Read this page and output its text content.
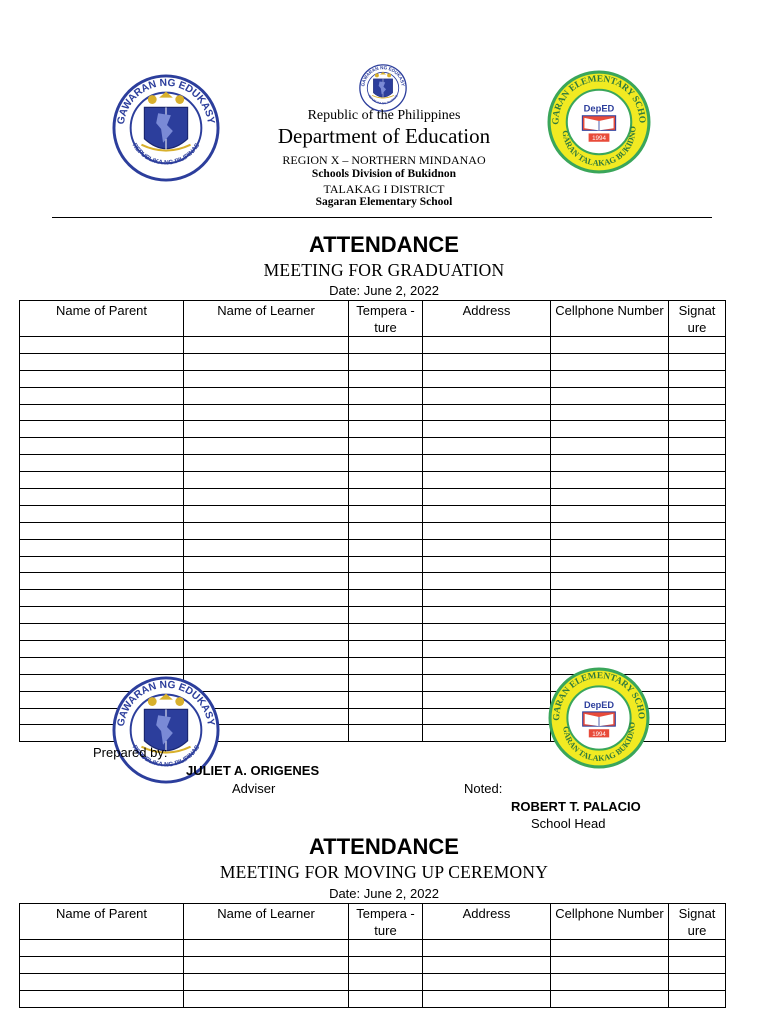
Republic of the Philippines
Department of Education
REGION X – NORTHERN MINDANAO
Schools Division of Bukidnon
TALAKAG I DISTRICT
Sagaran Elementary School
ATTENDANCE
MEETING FOR GRADUATION
Date: June 2, 2022
Name of Parent	Name of Learner	Tempera -ture	Address	Cellphone Number	Signat ure

Prepared by:
JULIET A. ORIGENES
Adviser	Noted:
ROBERT T. PALACIO
School Head
ATTENDANCE
MEETING FOR MOVING UP CEREMONY
Date: June 2, 2022
Name of Parent	Name of Learner	Tempera -ture	Address	Cellphone Number	Signat ure
